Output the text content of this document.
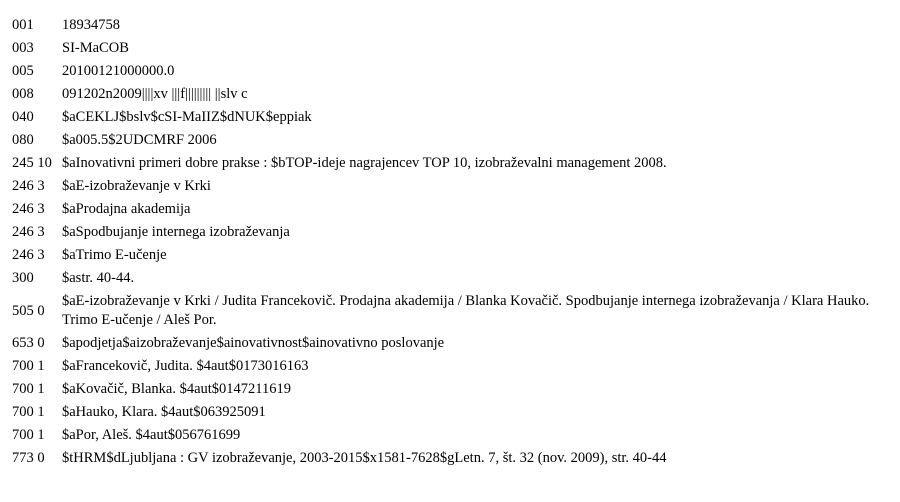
001	18934758
003	SI-MaCOB
005	20100121000000.0
008	091202n2009||||xv |||f||||||||| ||slv c
040	$aCEKLJ$bslv$cSI-MaIIZ$dNUK$eppiak
080	$a005.5$2UDCMRF 2006
245 10	$aInovativni primeri dobre prakse : $bTOP-ideje nagrajencev TOP 10, izobraževalni management 2008.
246 3	$aE-izobraževanje v Krki
246 3	$aProdajna akademija
246 3	$aSpodbujanje internega izobraževanja
246 3	$aTrimo E-učenje
300	$astr. 40-44.
505 0	$aE-izobraževanje v Krki / Judita Francekovič. Prodajna akademija / Blanka Kovačič. Spodbujanje internega izobraževanja / Klara Hauko. Trimo E-učenje / Aleš Por.
653 0	$apodjetja$aizobraževanje$ainovativnost$ainovativno poslovanje
700 1	$aFrancekovič, Judita. $4aut$0173016163
700 1	$aKovačič, Blanka. $4aut$0147211619
700 1	$aHauko, Klara. $4aut$063925091
700 1	$aPor, Aleš. $4aut$056761699
773 0	$tHRM$dLjubljana : GV izobraževanje, 2003-2015$x1581-7628$gLetn. 7, št. 32 (nov. 2009), str. 40-44
